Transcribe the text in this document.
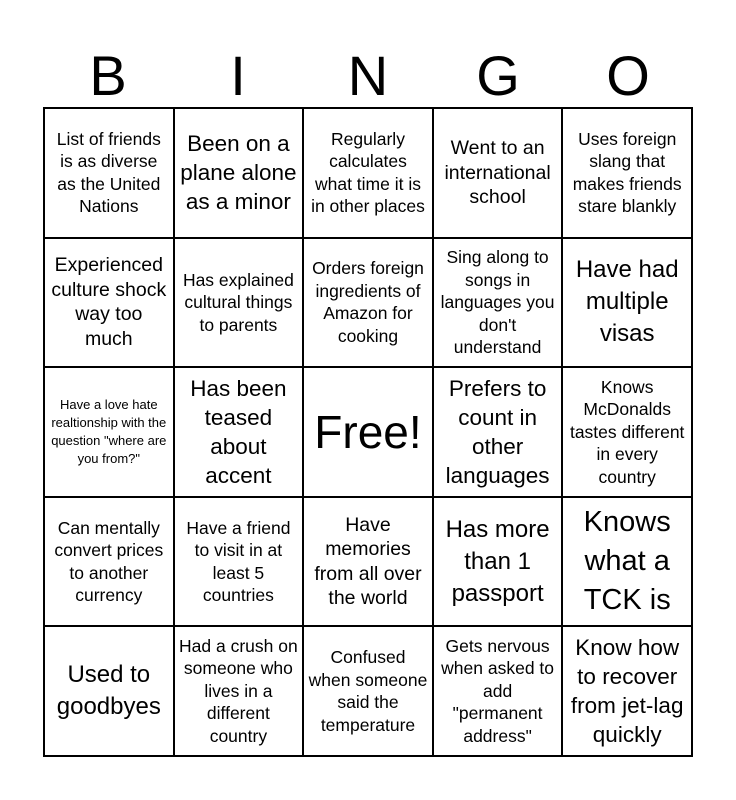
B	I	N	G	O
List of friends is as diverse as the United Nations
Been on a plane alone as a minor
Regularly calculates what time it is in other places
Went to an international school
Uses foreign slang that makes friends stare blankly
Experienced culture shock way too much
Has explained cultural things to parents
Orders foreign ingredients of Amazon for cooking
Sing along to songs in languages you don't understand
Have had multiple visas
Have a love hate realtionship with the question "where are you from?"
Has been teased about accent
Free!
Prefers to count in other languages
Knows McDonalds tastes different in every country
Can mentally convert prices to another currency
Have a friend to visit in at least 5 countries
Have memories from all over the world
Has more than 1 passport
Knows what a TCK is
Used to goodbyes
Had a crush on someone who lives in a different country
Confused when someone said the temperature
Gets nervous when asked to add "permanent address"
Know how to recover from jet-lag quickly
